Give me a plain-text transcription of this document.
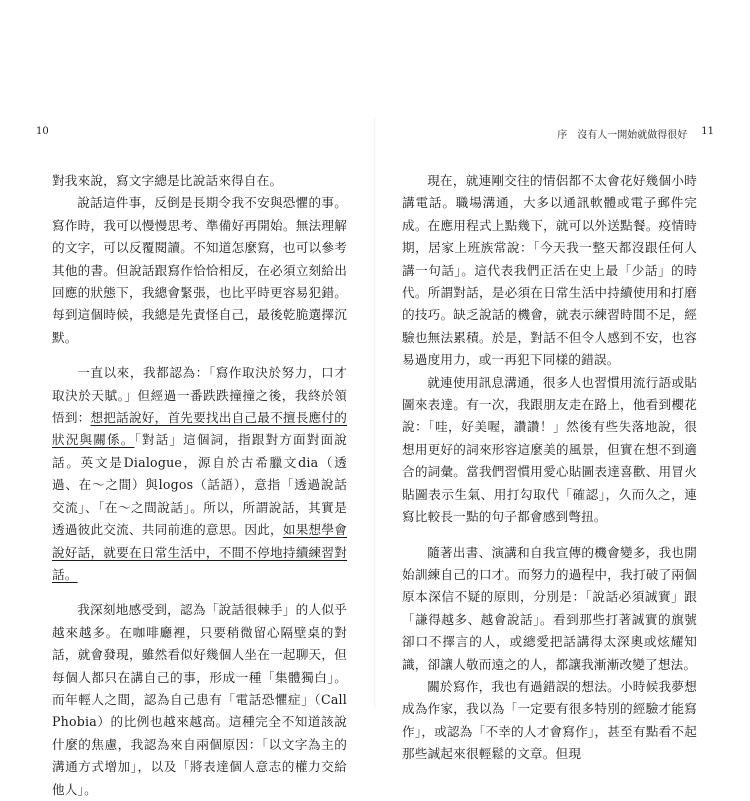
10	序　沒有人一開始就做得很好 11

對我來說，寫文字總是比說話來得自在。

說話這件事，反倒是長期令我不安與恐懼的事。寫作時，我可以慢慢思考、準備好再開始。無法理解的文字，可以反覆閱讀。不知道怎麼寫，也可以參考其他的書。但說話跟寫作恰恰相反，在必須立刻給出回應的狀態下，我總會緊張，也比平時更容易犯錯。每到這個時候，我總是先責怪自己，最後乾脆選擇沉默。

一直以來，我都認為：「寫作取決於努力，口才取決於天賦。」但經過一番跌跌撞撞之後，我終於領悟到：想把話說好，首先要找出自己最不擅長應付的狀況與關係。「對話」這個詞，指跟對方面對面說話。英文是Dialogue，源自於古希臘文dia（透過、在～之間）與logos（話語），意指「透過說話交流」、「在～之間說話」。所以，所謂說話，其實是透過彼此交流、共同前進的意思。因此，如果想學會說好話，就要在日常生活中，不間不停地持續練習對話。

我深刻地感受到，認為「說話很棘手」的人似乎越來越多。在咖啡廳裡，只要稍微留心隔壁桌的對話，就會發現，雖然看似好幾個人坐在一起聊天，但每個人都只在講自己的事，形成一種「集體獨白」。而年輕人之間，認為自己患有「電話恐懼症」（Call Phobia）的比例也越來越高。這種完全不知道該說什麼的焦慮，我認為來自兩個原因：「以文字為主的溝通方式增加」，以及「將表達個人意志的權力交給他人」。

現在，就連剛交往的情侶都不太會花好幾個小時講電話。職場溝通，大多以通訊軟體或電子郵件完成。在應用程式上點幾下，就可以外送點餐。疫情時期，居家上班族常說：「今天我一整天都沒跟任何人講一句話」。這代表我們正活在史上最「少話」的時代。所謂對話，是必須在日常生活中持續使用和打磨的技巧。缺乏說話的機會，就表示練習時間不足，經驗也無法累積。於是，對話不但令人感到不安，也容易過度用力，或一再犯下同樣的錯誤。

就連使用訊息溝通，很多人也習慣用流行語或貼圖來表達。有一次，我跟朋友走在路上，他看到櫻花說：「哇，好美喔，讚讚！」然後有些失落地說，很想用更好的詞來形容這麼美的風景，但實在想不到適合的詞彙。當我們習慣用愛心貼圖表達喜歡、用冒火貼圖表示生氣、用打勾取代「確認」，久而久之，連寫比較長一點的句子都會感到彆扭。

隨著出書、演講和自我宣傳的機會變多，我也開始訓練自己的口才。而努力的過程中，我打破了兩個原本深信不疑的原則，分別是：「說話必須誠實」跟「謙得越多、越會說話」。看到那些打著誠實的旗號卻口不擇言的人，或總愛把話講得太深奧或炫耀知識，卻讓人敬而遠之的人，都讓我漸漸改變了想法。

關於寫作，我也有過錯誤的想法。小時候我夢想成為作家，我以為「一定要有很多特別的經驗才能寫作」，或認為「不幸的人才會寫作」，甚至有點看不起那些誠起來很輕鬆的文章。但現
